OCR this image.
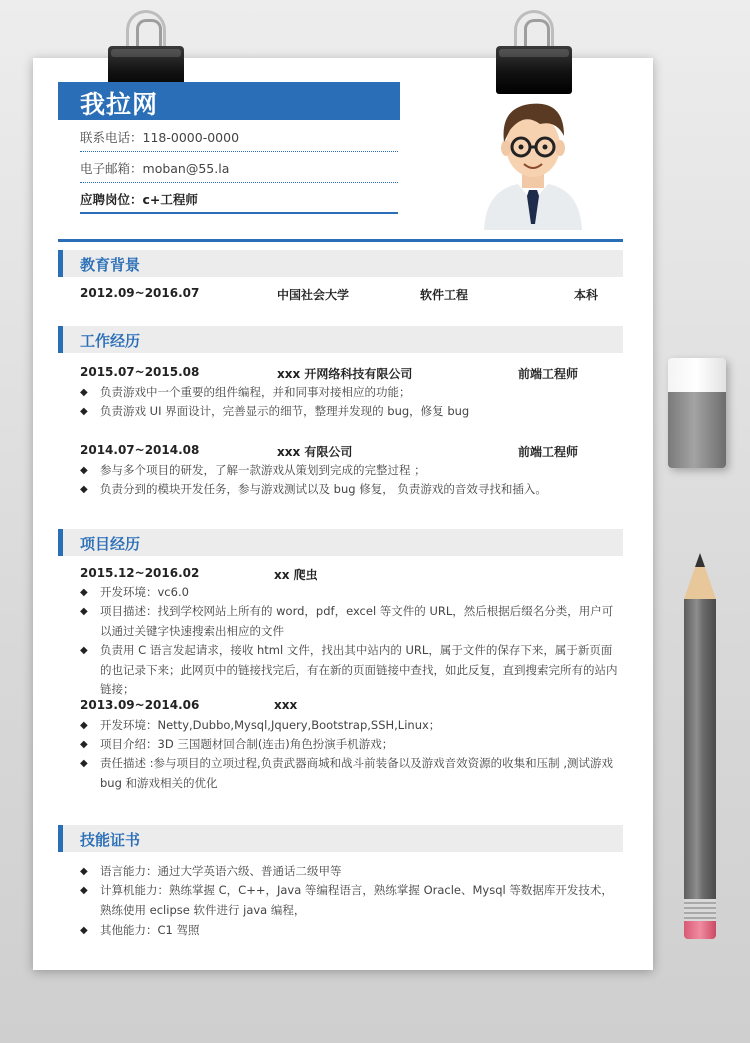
我拉网
联系电话：118-0000-0000
电子邮箱：moban@55.la
应聘岗位：c+工程师
教育背景
2012.09~2016.07	中国社会大学	软件工程	本科
工作经历
2015.07~2015.08	xxx 开网络科技有限公司	前端工程师
◆	负责游戏中一个重要的组件编程，并和同事对接相应的功能；
◆	负责游戏 UI 界面设计，完善显示的细节，整理并发现的 bug，修复 bug
2014.07~2014.08	xxx 有限公司	前端工程师
◆	参与多个项目的研发，了解一款游戏从策划到完成的完整过程 ；
◆	负责分到的模块开发任务，参与游戏测试以及 bug 修复， 负责游戏的音效寻找和插入。
项目经历
2015.12~2016.02	xx 爬虫
◆	开发环境：vc6.0
◆	项目描述：找到学校网站上所有的 word，pdf，excel 等文件的 URL，然后根据后缀名分类，用户可以通过关键字快速搜索出相应的文件
◆	负责用 C 语言发起请求，接收 html 文件，找出其中站内的 URL，属于文件的保存下来，属于新页面的也记录下来；此网页中的链接找完后，有在新的页面链接中查找，如此反复，直到搜索完所有的站内链接；
2013.09~2014.06	xxx
◆	开发环境：Netty,Dubbo,Mysql,Jquery,Bootstrap,SSH,Linux；
◆	项目介绍：3D 三国题材回合制(连击)角色扮演手机游戏；
◆	责任描述 :参与项目的立项过程,负责武器商城和战斗前装备以及游戏音效资源的收集和压制 ,测试游戏 bug 和游戏相关的优化
技能证书
◆	语言能力：通过大学英语六级、普通话二级甲等
◆	计算机能力：熟练掌握 C，C++，Java 等编程语言，熟练掌握 Oracle、Mysql 等数据库开发技术，熟练使用 eclipse 软件进行 java 编程，
◆	其他能力：C1 驾照
